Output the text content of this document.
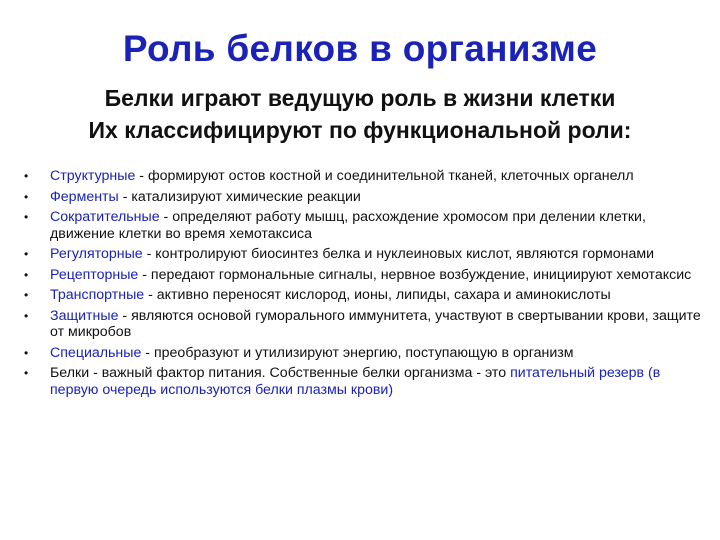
Роль белков в организме
Белки играют ведущую роль в жизни клетки
Их классифицируют по функциональной роли:
• Структурные - формируют остов костной и соединительной тканей, клеточных органелл
• Ферменты - катализируют химические реакции
• Сократительные - определяют работу мышц, расхождение хромосом при делении клетки, движение клетки во время хемотаксиса
• Регуляторные - контролируют биосинтез белка и нуклеиновых кислот, являются гормонами
• Рецепторные - передают гормональные сигналы, нервное возбуждение, инициируют хемотаксис
• Транспортные - активно переносят кислород, ионы, липиды, сахара и аминокислоты
• Защитные - являются основой гуморального иммунитета, участвуют в свертывании крови, защите от микробов
• Специальные - преобразуют и утилизируют энергию, поступающую в организм
• Белки - важный фактор питания. Собственные белки организма - это питательный резерв (в первую очередь используются белки плазмы крови)
